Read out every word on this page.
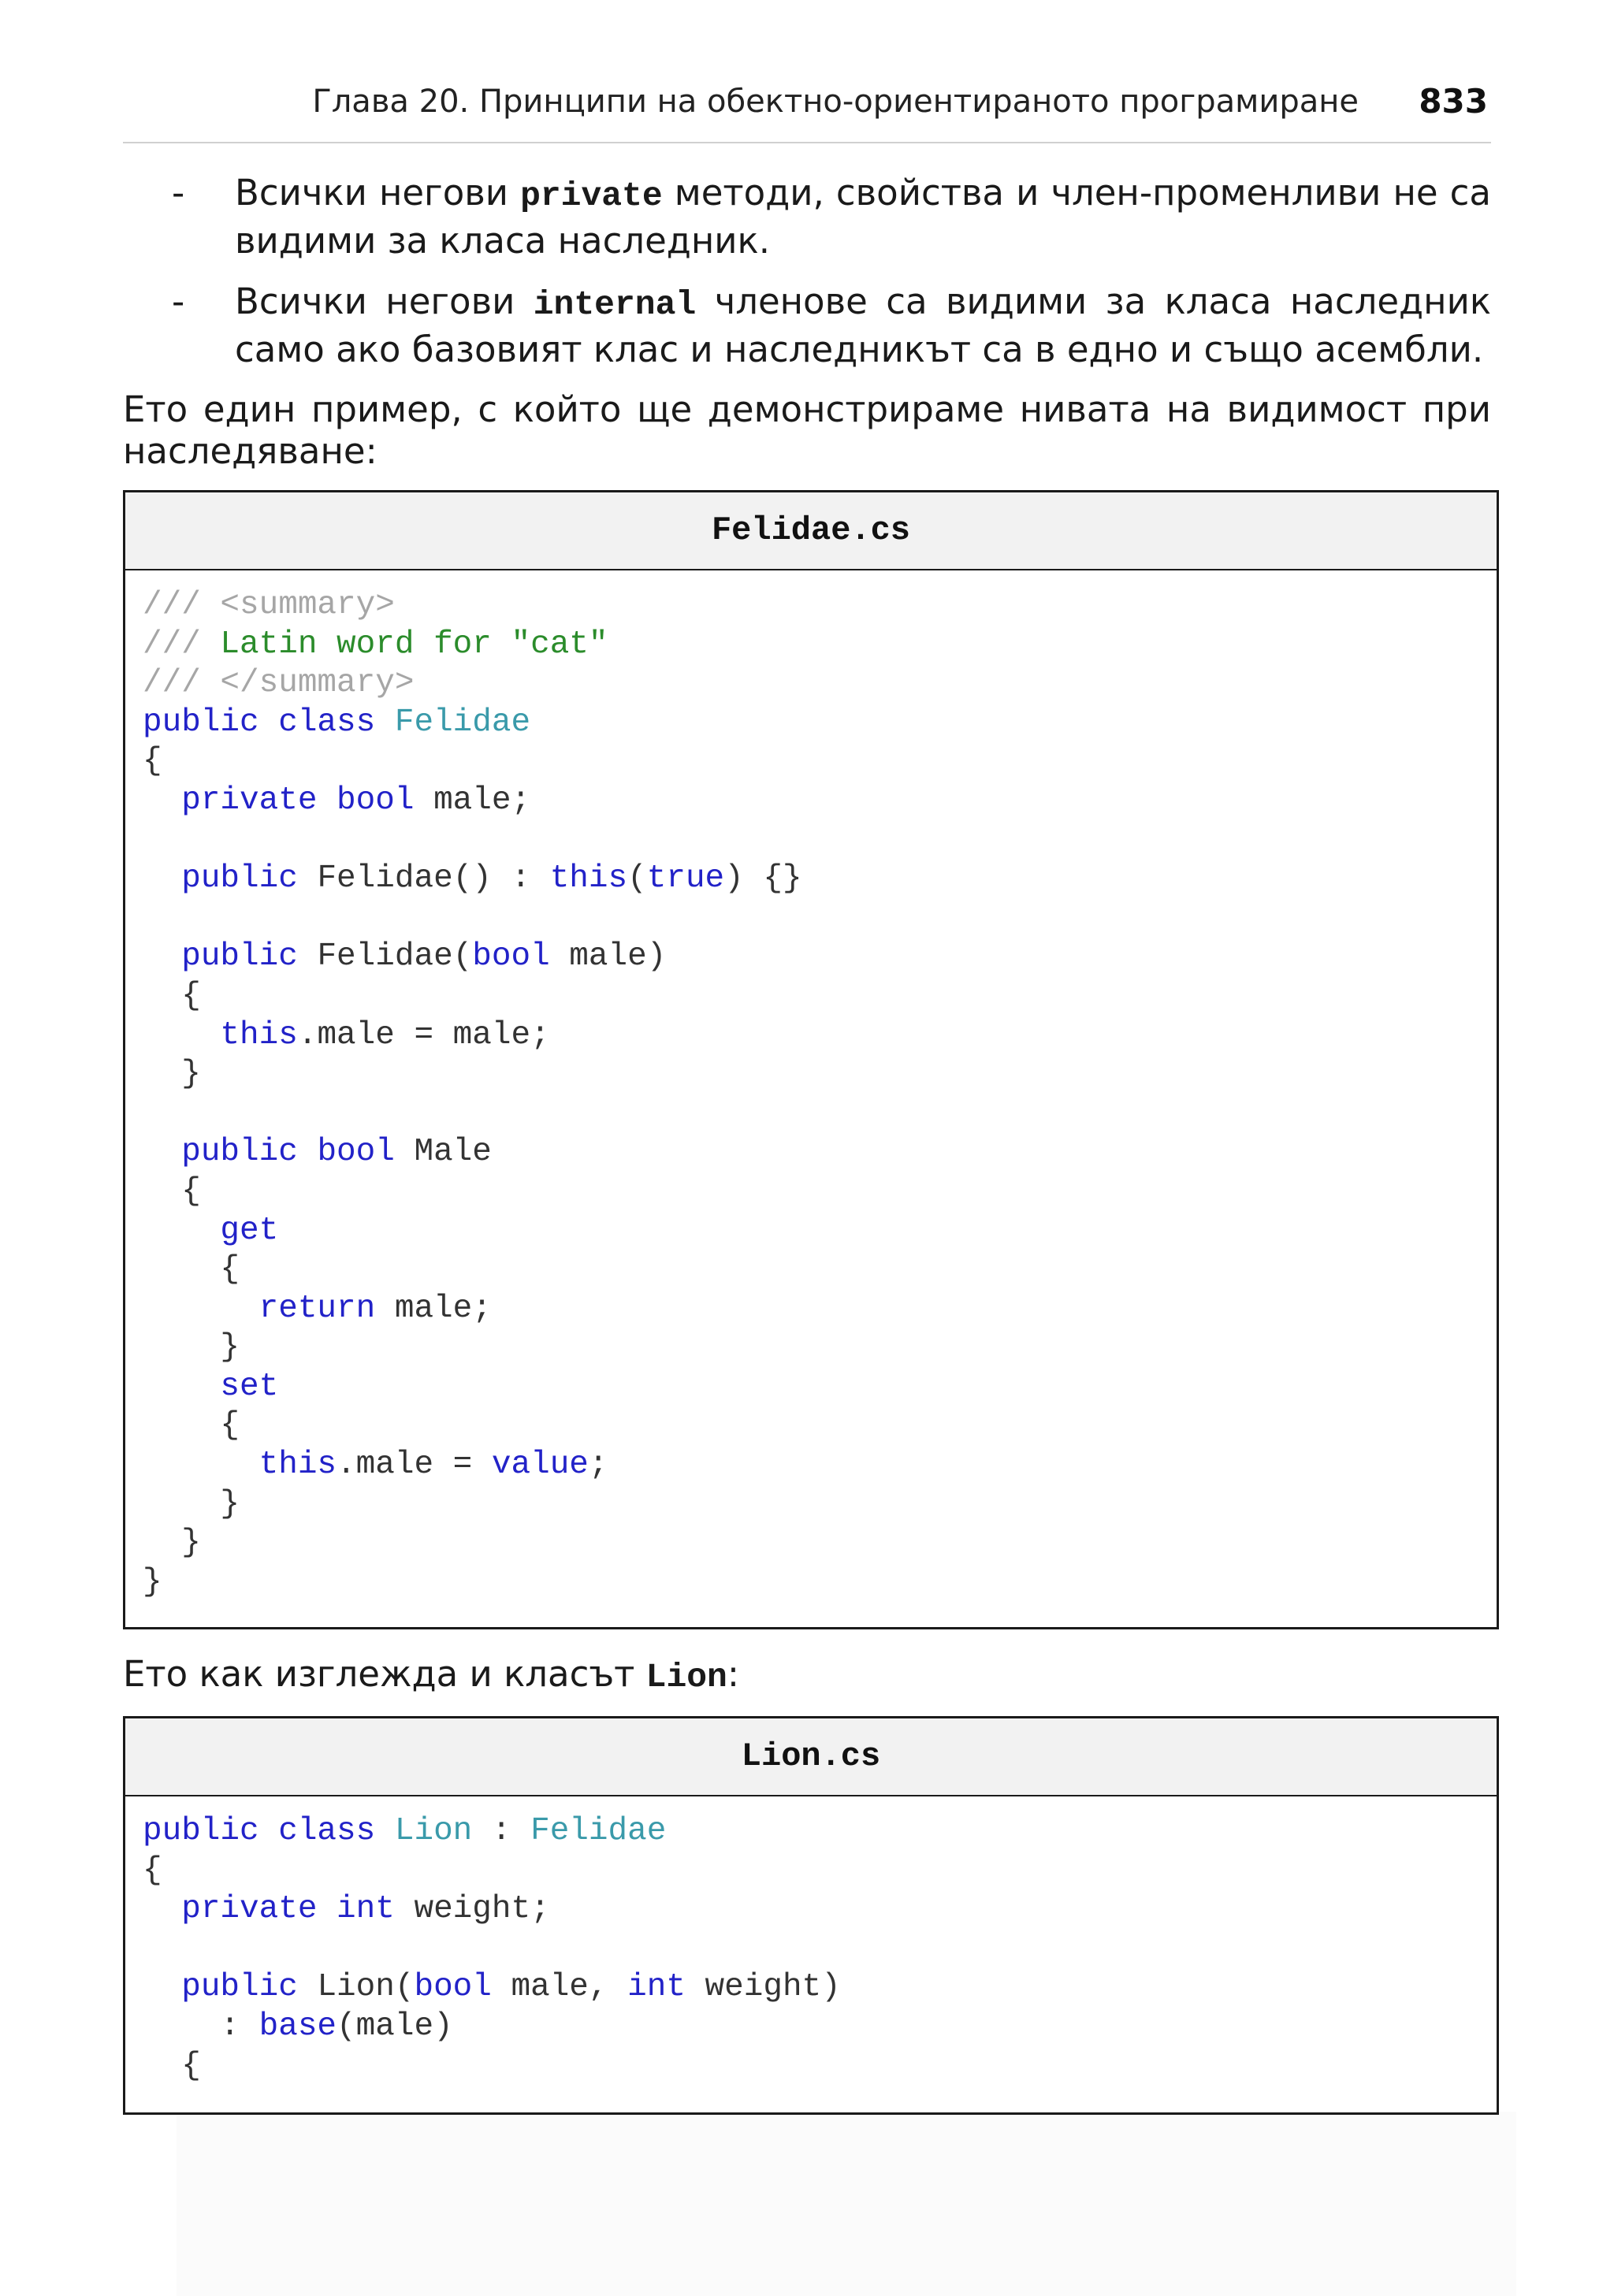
Глава 20. Принципи на обектно-ориентираното програмиране 833
- Всички негови private методи, свойства и член-променливи не са видими за класа наследник.
- Всички негови internal членове са видими за класа наследник само ако базовият клас и наследникът са в едно и също асембли.
Ето един пример, с който ще демонстрираме нивата на видимост при наследяване:
Felidae.cs
/// <summary>
/// Latin word for "cat"
/// </summary>
public class Felidae
{
private bool male;

public Felidae() : this(true) {}

public Felidae(bool male)
{
this.male = male;
}

public bool Male
{
get
{
return male;
}
set
{
this.male = value;
}
}
}
Ето как изглежда и класът Lion:
Lion.cs
public class Lion : Felidae
{
private int weight;

public Lion(bool male, int weight)
: base(male)
{
